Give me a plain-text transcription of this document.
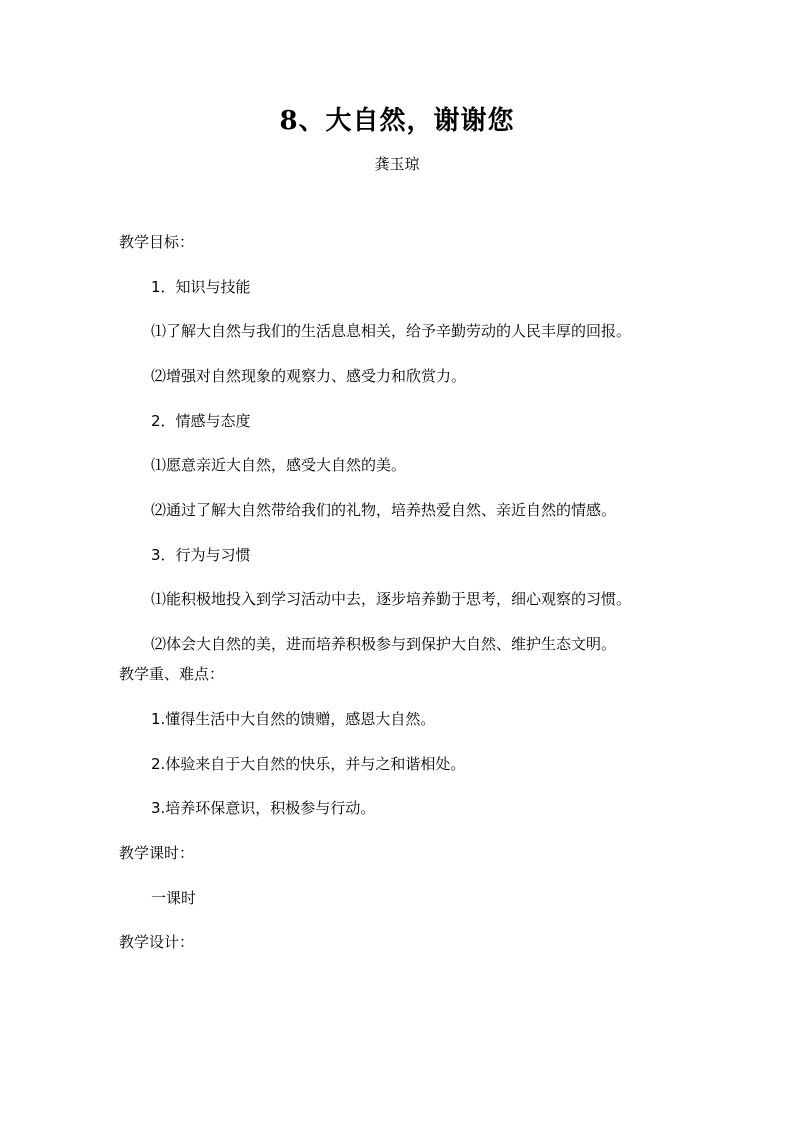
8、大自然，谢谢您
龚玉琼
教学目标：
1．知识与技能
⑴了解大自然与我们的生活息息相关，给予辛勤劳动的人民丰厚的回报。
⑵增强对自然现象的观察力、感受力和欣赏力。
2．情感与态度
⑴愿意亲近大自然，感受大自然的美。
⑵通过了解大自然带给我们的礼物，培养热爱自然、亲近自然的情感。
3．行为与习惯
⑴能积极地投入到学习活动中去，逐步培养勤于思考，细心观察的习惯。
⑵体会大自然的美，进而培养积极参与到保护大自然、维护生态文明。
教学重、难点：
1.懂得生活中大自然的馈赠，感恩大自然。
2.体验来自于大自然的快乐，并与之和谐相处。
3.培养环保意识，积极参与行动。
教学课时：
一课时
教学设计：
